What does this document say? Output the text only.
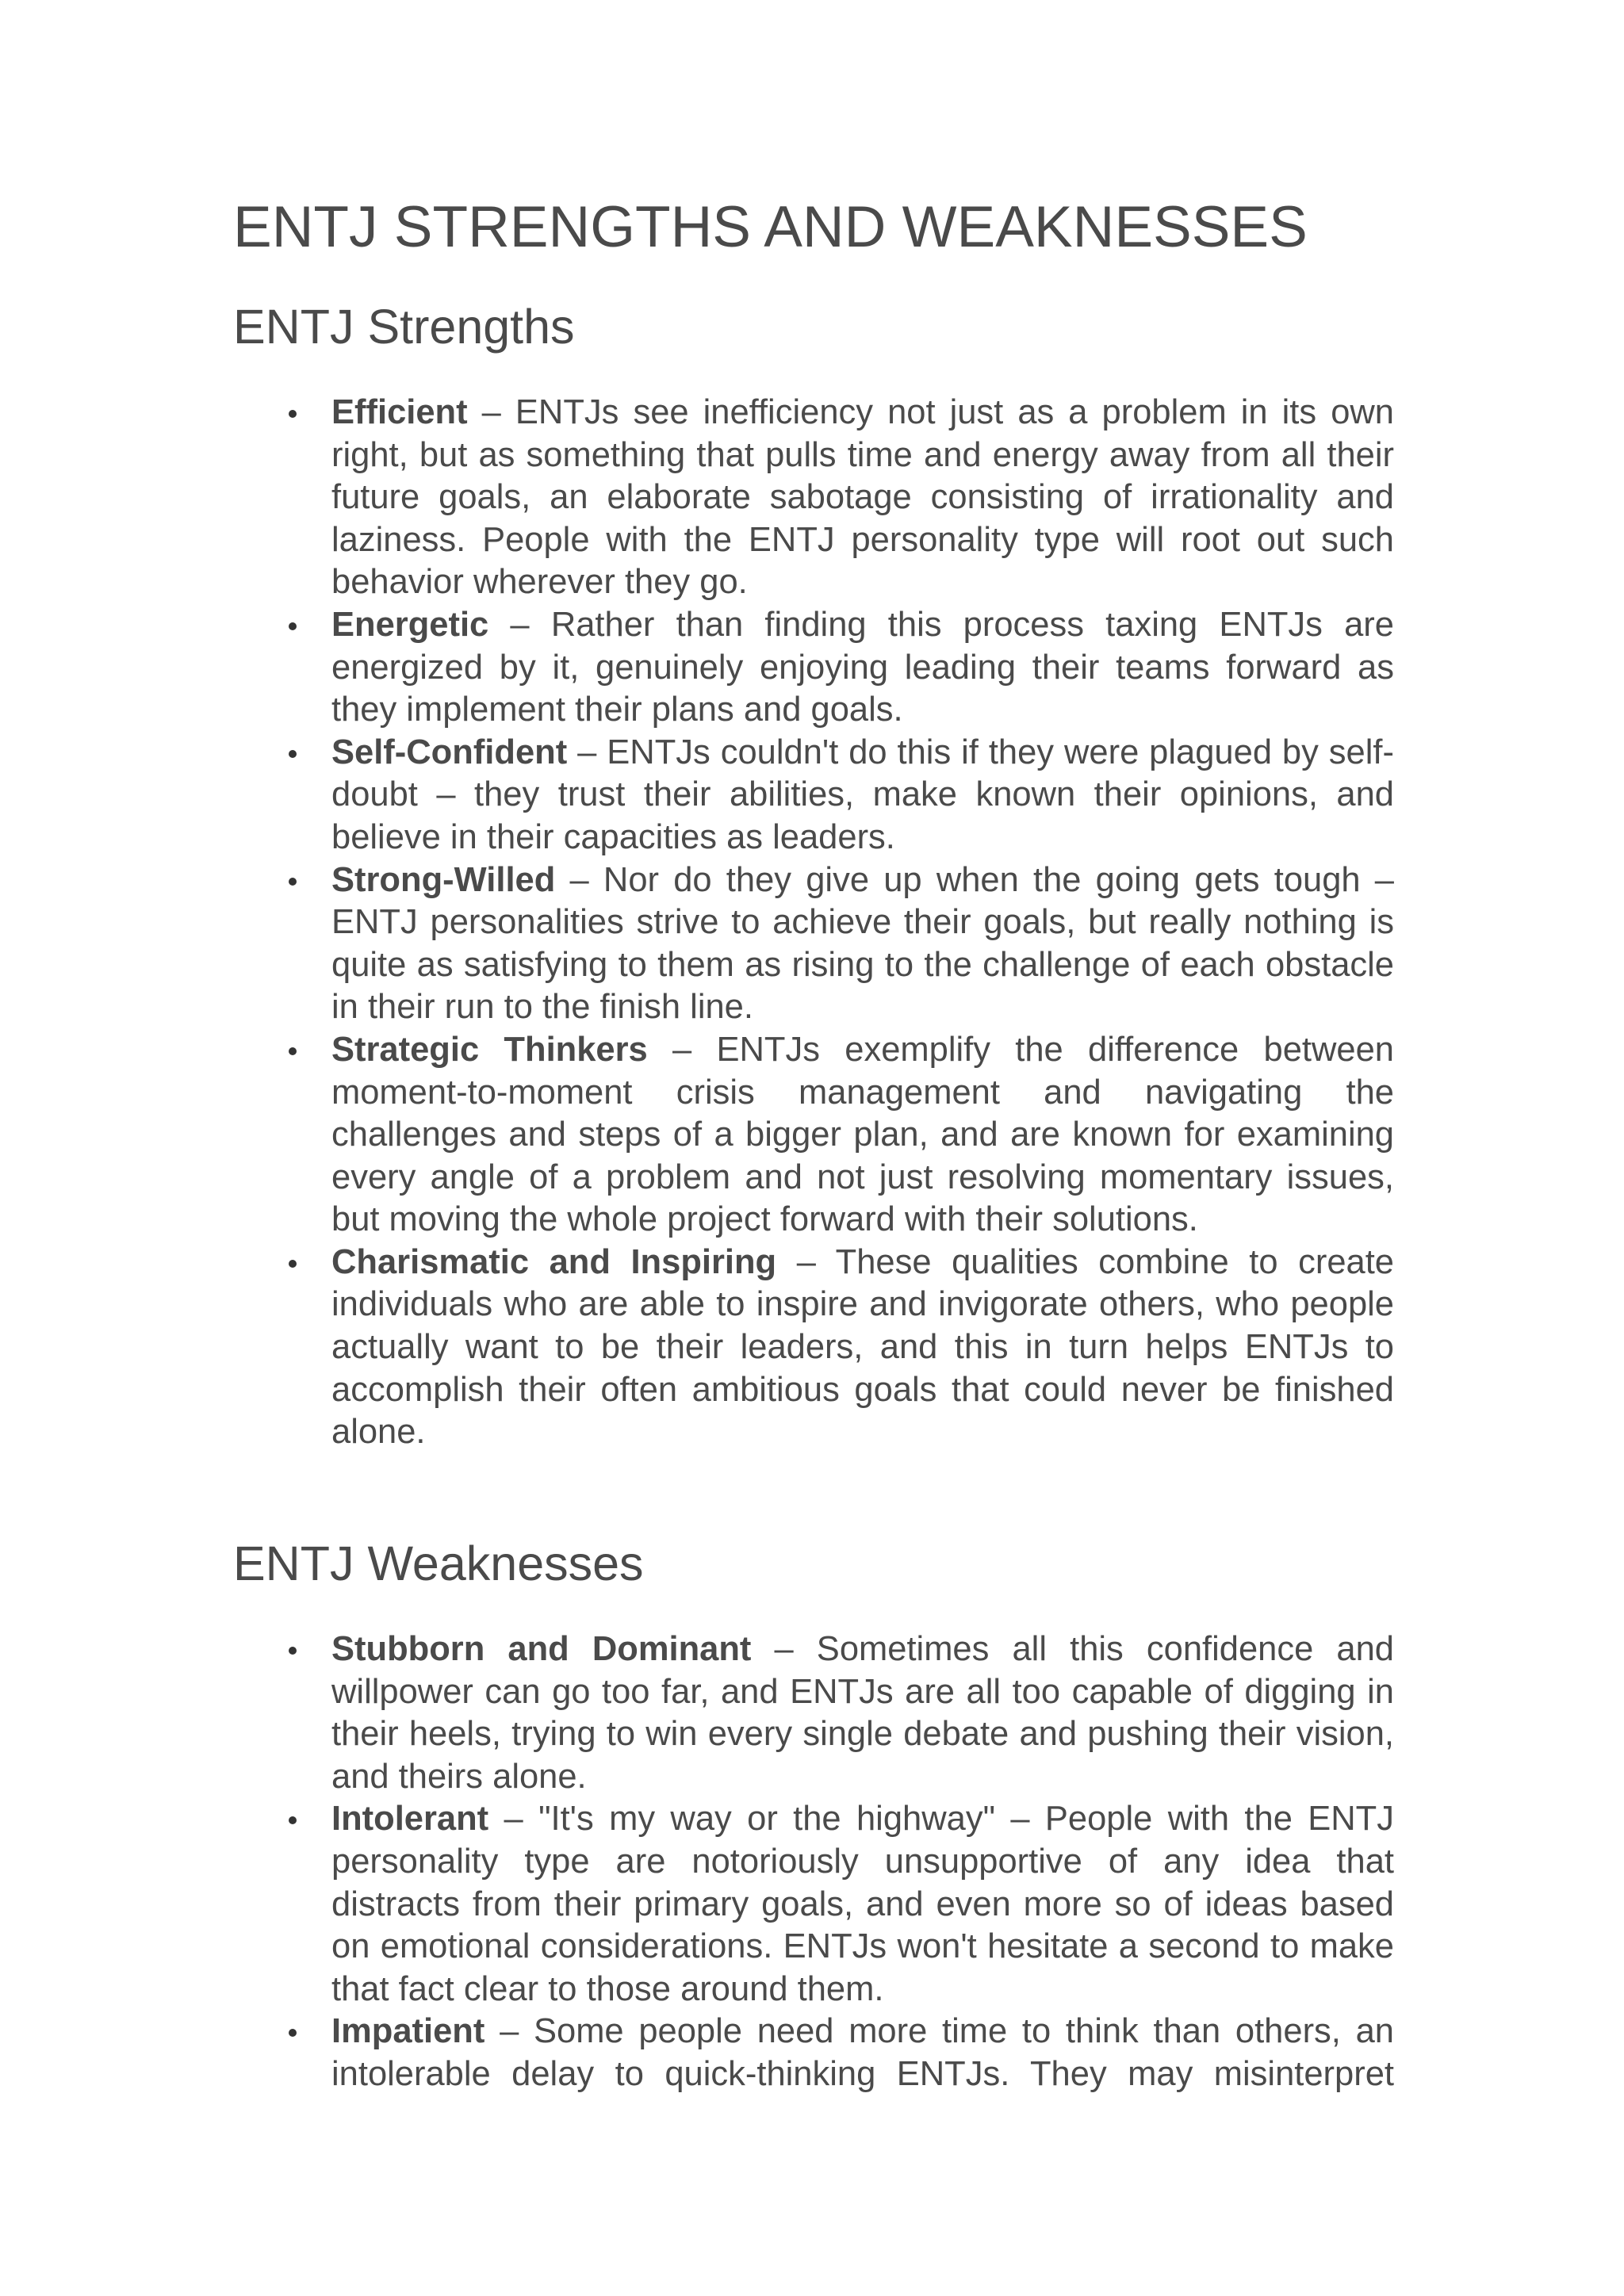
ENTJ STRENGTHS AND WEAKNESSES
ENTJ Strengths
Efficient – ENTJs see inefficiency not just as a problem in its own right, but as something that pulls time and energy away from all their future goals, an elaborate sabotage consisting of irrationality and laziness. People with the ENTJ personality type will root out such behavior wherever they go.
Energetic – Rather than finding this process taxing ENTJs are energized by it, genuinely enjoying leading their teams forward as they implement their plans and goals.
Self-Confident – ENTJs couldn't do this if they were plagued by self-doubt – they trust their abilities, make known their opinions, and believe in their capacities as leaders.
Strong-Willed – Nor do they give up when the going gets tough – ENTJ personalities strive to achieve their goals, but really nothing is quite as satisfying to them as rising to the challenge of each obstacle in their run to the finish line.
Strategic Thinkers – ENTJs exemplify the difference between moment-to-moment crisis management and navigating the challenges and steps of a bigger plan, and are known for examining every angle of a problem and not just resolving momentary issues, but moving the whole project forward with their solutions.
Charismatic and Inspiring – These qualities combine to create individuals who are able to inspire and invigorate others, who people actually want to be their leaders, and this in turn helps ENTJs to accomplish their often ambitious goals that could never be finished alone.
ENTJ Weaknesses
Stubborn and Dominant – Sometimes all this confidence and willpower can go too far, and ENTJs are all too capable of digging in their heels, trying to win every single debate and pushing their vision, and theirs alone.
Intolerant – "It's my way or the highway" – People with the ENTJ personality type are notoriously unsupportive of any idea that distracts from their primary goals, and even more so of ideas based on emotional considerations. ENTJs won't hesitate a second to make that fact clear to those around them.
Impatient – Some people need more time to think than others, an intolerable delay to quick-thinking ENTJs. They may misinterpret
